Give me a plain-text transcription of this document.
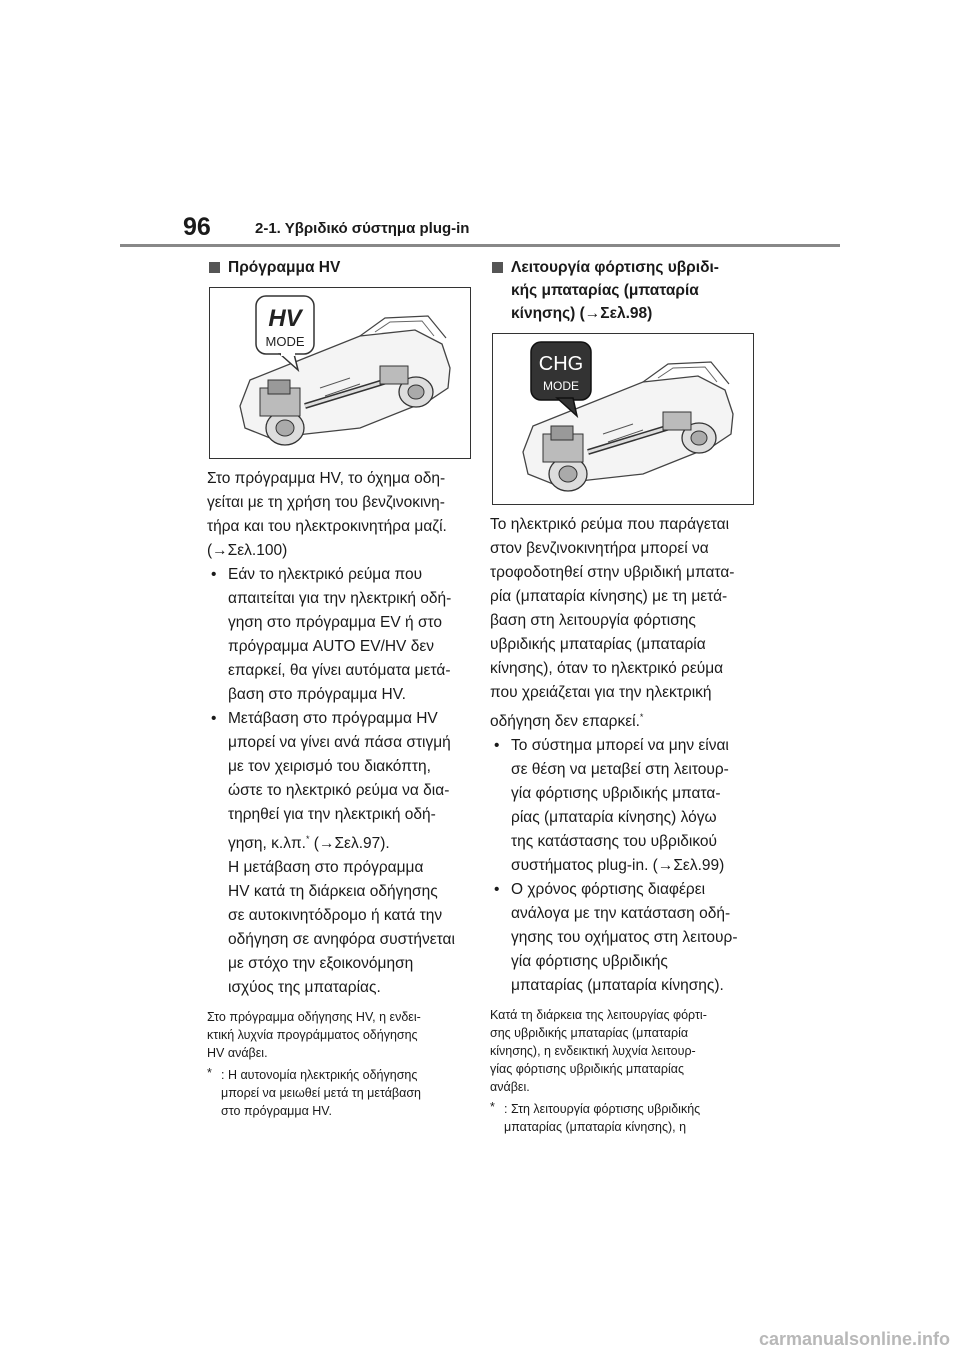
96	2-1. Υβριδικό σύστημα plug-in
Πρόγραμμα HV
HV
MODE
Στο πρόγραμμα HV, το όχημα οδη-
γείται με τη χρήση του βενζινοκινη-
τήρα και του ηλεκτροκινητήρα μαζί.
(→Σελ.100)
• Εάν το ηλεκτρικό ρεύμα που
απαιτείται για την ηλεκτρική οδή-
γηση στο πρόγραμμα EV ή στο
πρόγραμμα AUTO EV/HV δεν
επαρκεί, θα γίνει αυτόματα μετά-
βαση στο πρόγραμμα HV.
• Μετάβαση στο πρόγραμμα HV
μπορεί να γίνει ανά πάσα στιγμή
με τον χειρισμό του διακόπτη,
ώστε το ηλεκτρικό ρεύμα να δια-
τηρηθεί για την ηλεκτρική οδή-
γηση, κ.λπ.* (→Σελ.97).
Η μετάβαση στο πρόγραμμα
HV κατά τη διάρκεια οδήγησης
σε αυτοκινητόδρομο ή κατά την
οδήγηση σε ανηφόρα συστήνεται
με στόχο την εξοικονόμηση
ισχύος της μπαταρίας.
Στο πρόγραμμα οδήγησης HV, η ενδει-
κτική λυχνία προγράμματος οδήγησης
HV ανάβει.
* : Η αυτονομία ηλεκτρικής οδήγησης
μπορεί να μειωθεί μετά τη μετάβαση
στο πρόγραμμα HV.
Λειτουργία φόρτισης υβριδι-
κής μπαταρίας (μπαταρία
κίνησης) (→Σελ.98)
CHG
MODE
Το ηλεκτρικό ρεύμα που παράγεται
στον βενζινοκινητήρα μπορεί να
τροφοδοτηθεί στην υβριδική μπατα-
ρία (μπαταρία κίνησης) με τη μετά-
βαση στη λειτουργία φόρτισης
υβριδικής μπαταρίας (μπαταρία
κίνησης), όταν το ηλεκτρικό ρεύμα
που χρειάζεται για την ηλεκτρική
οδήγηση δεν επαρκεί.*
• Το σύστημα μπορεί να μην είναι
σε θέση να μεταβεί στη λειτουρ-
γία φόρτισης υβριδικής μπατα-
ρίας (μπαταρία κίνησης) λόγω
της κατάστασης του υβριδικού
συστήματος plug-in. (→Σελ.99)
• Ο χρόνος φόρτισης διαφέρει
ανάλογα με την κατάσταση οδή-
γησης του οχήματος στη λειτουρ-
γία φόρτισης υβριδικής
μπαταρίας (μπαταρία κίνησης).
Κατά τη διάρκεια της λειτουργίας φόρτι-
σης υβριδικής μπαταρίας (μπαταρία
κίνησης), η ενδεικτική λυχνία λειτουρ-
γίας φόρτισης υβριδικής μπαταρίας
ανάβει.
* : Στη λειτουργία φόρτισης υβριδικής
μπαταρίας (μπαταρία κίνησης), η
carmanualsonline.info
